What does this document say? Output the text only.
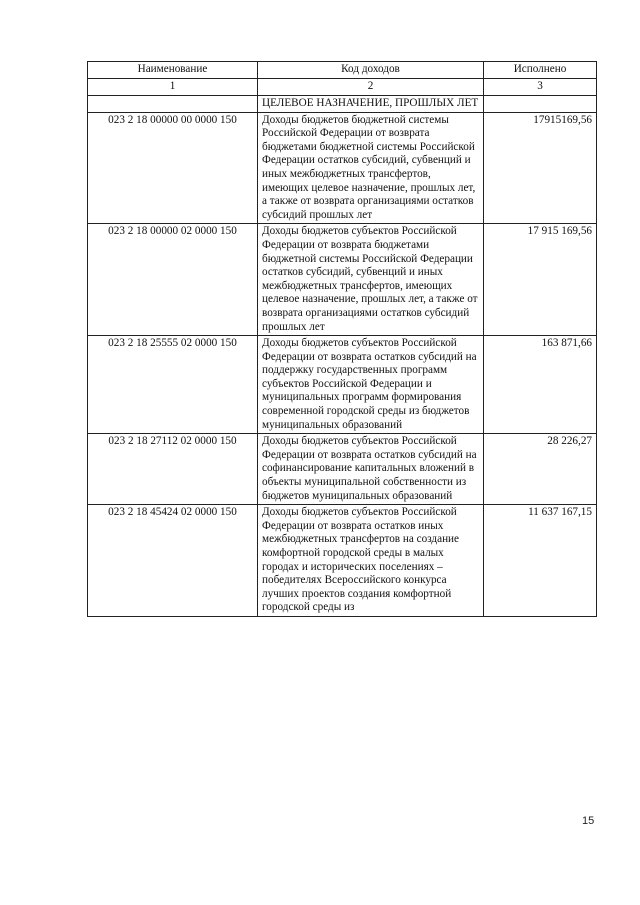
Наименование	Код доходов	Исполнено
1	2	3
	ЦЕЛЕВОЕ НАЗНАЧЕНИЕ, ПРОШЛЫХ ЛЕТ	
023 2 18 00000 00 0000 150	Доходы бюджетов бюджетной системы Российской Федерации от возврата бюджетами бюджетной системы Российской Федерации остатков субсидий, субвенций и иных межбюджетных трансфертов, имеющих целевое назначение, прошлых лет, а также от возврата организациями остатков субсидий прошлых лет	17915169,56
023 2 18 00000 02 0000 150	Доходы бюджетов субъектов Российской Федерации от возврата бюджетами бюджетной системы Российской Федерации остатков субсидий, субвенций и иных межбюджетных трансфертов, имеющих целевое назначение, прошлых лет, а также от возврата организациями остатков субсидий прошлых лет	17 915 169,56
023 2 18 25555 02 0000 150	Доходы бюджетов субъектов Российской Федерации от возврата остатков субсидий на поддержку государственных программ субъектов Российской Федерации и муниципальных программ формирования современной городской среды из бюджетов муниципальных образований	163 871,66
023 2 18 27112 02 0000 150	Доходы бюджетов субъектов Российской Федерации от возврата остатков субсидий на софинансирование капитальных вложений в объекты муниципальной собственности из бюджетов муниципальных образований	28 226,27
023 2 18 45424 02 0000 150	Доходы бюджетов субъектов Российской Федерации от возврата остатков иных межбюджетных трансфертов на создание комфортной городской среды в малых городах и исторических поселениях – победителях Всероссийского конкурса лучших проектов создания комфортной городской среды из	11 637 167,15
15
